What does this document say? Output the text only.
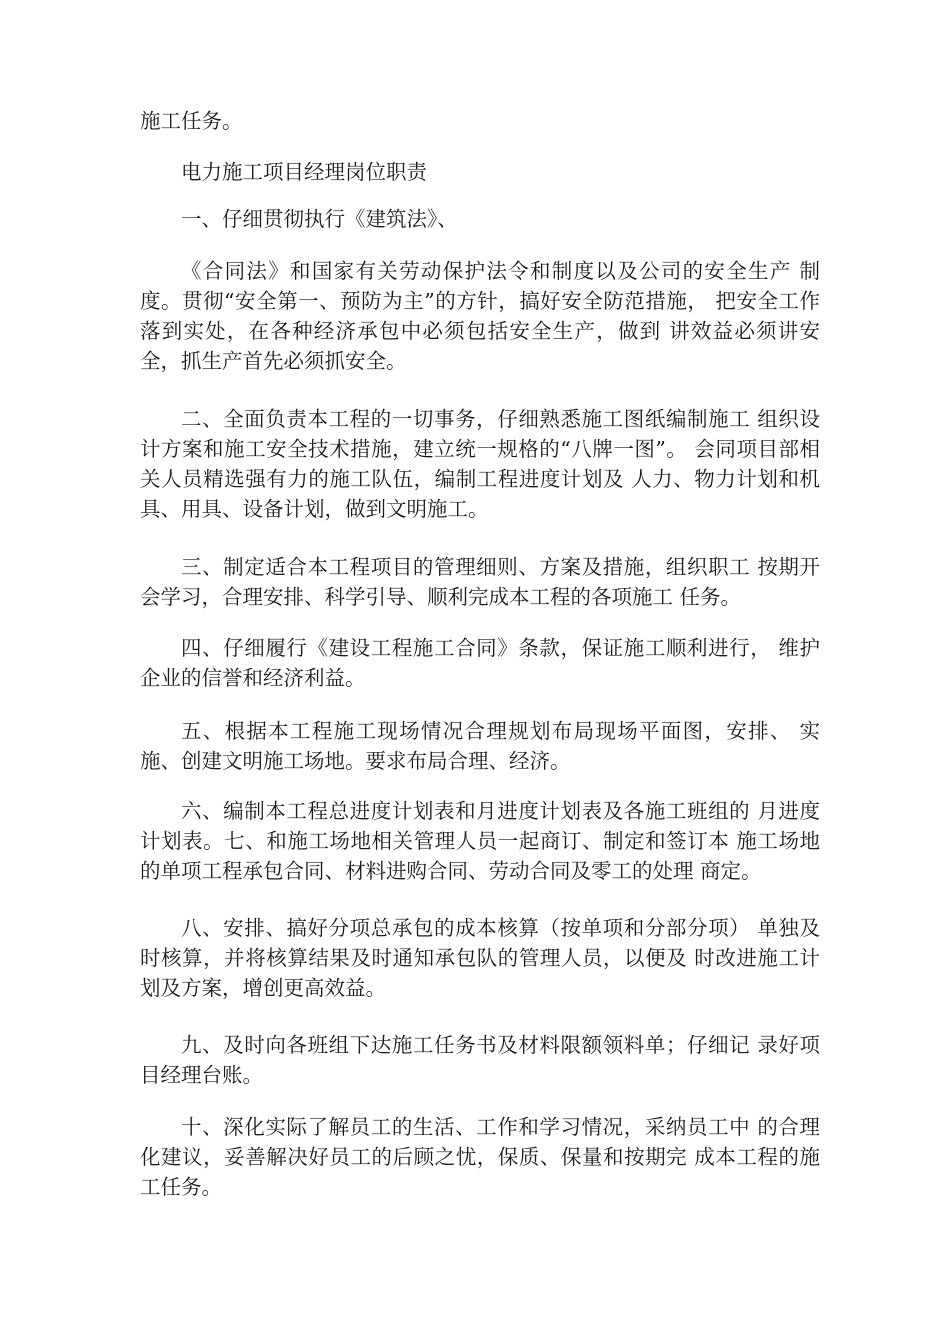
施工任务。
电力施工项目经理岗位职责
一、仔细贯彻执行《建筑法》、
《合同法》和国家有关劳动保护法令和制度以及公司的安全生产 制度。贯彻“安全第一、预防为主”的方针，搞好安全防范措施， 把安全工作落到实处，在各种经济承包中必须包括安全生产，做到 讲效益必须讲安全，抓生产首先必须抓安全。
二、全面负责本工程的一切事务，仔细熟悉施工图纸编制施工 组织设计方案和施工安全技术措施，建立统一规格的“八牌一图”。 会同项目部相关人员精选强有力的施工队伍，编制工程进度计划及 人力、物力计划和机具、用具、设备计划，做到文明施工。
三、制定适合本工程项目的管理细则、方案及措施，组织职工 按期开会学习，合理安排、科学引导、顺利完成本工程的各项施工 任务。
四、仔细履行《建设工程施工合同》条款，保证施工顺利进行， 维护企业的信誉和经济利益。
五、根据本工程施工现场情况合理规划布局现场平面图，安排、 实施、创建文明施工场地。要求布局合理、经济。
六、编制本工程总进度计划表和月进度计划表及各施工班组的 月进度计划表。七、和施工场地相关管理人员一起商订、制定和签订本 施工场地的单项工程承包合同、材料进购合同、劳动合同及零工的处理 商定。
八、安排、搞好分项总承包的成本核算（按单项和分部分项） 单独及时核算，并将核算结果及时通知承包队的管理人员，以便及 时改进施工计划及方案，增创更高效益。
九、及时向各班组下达施工任务书及材料限额领料单；仔细记 录好项目经理台账。
十、深化实际了解员工的生活、工作和学习情况，采纳员工中 的合理化建议，妥善解决好员工的后顾之忧，保质、保量和按期完 成本工程的施工任务。
